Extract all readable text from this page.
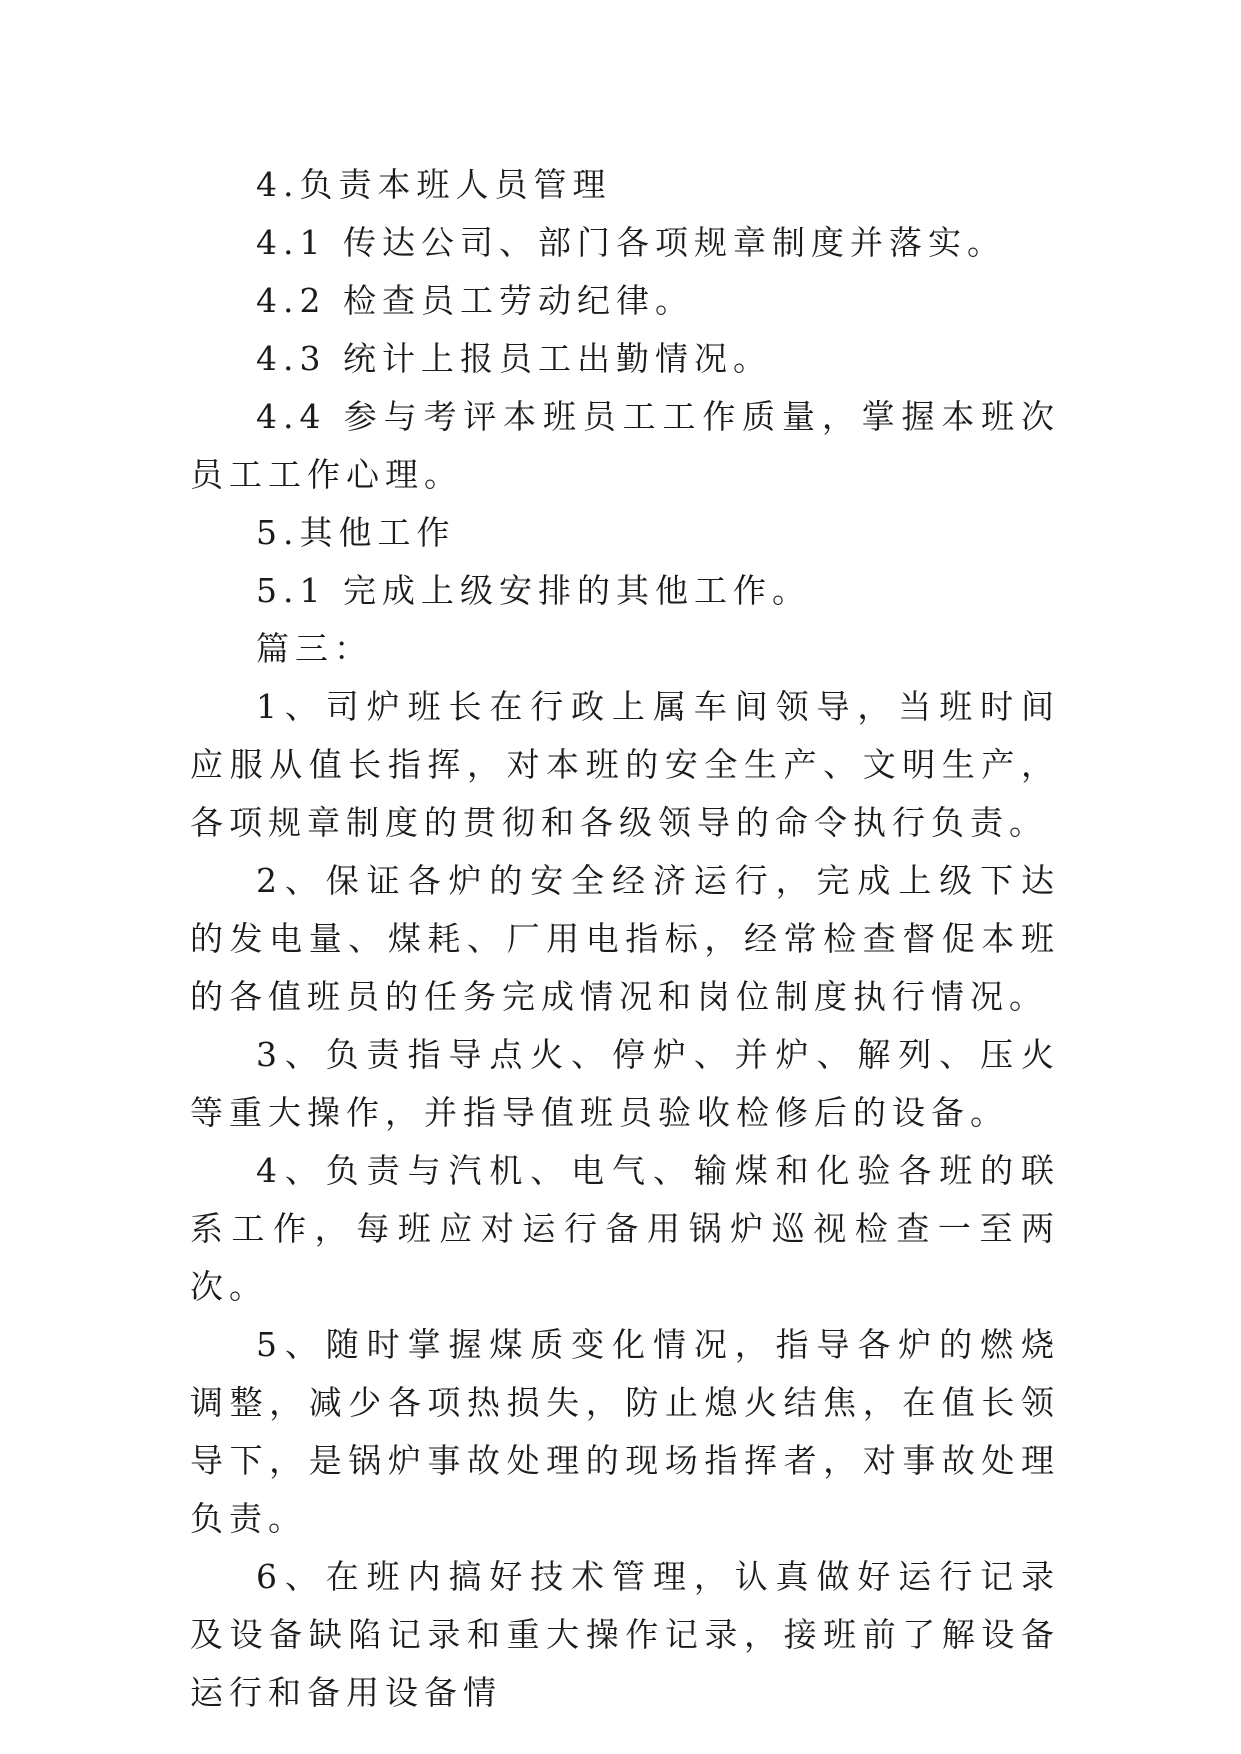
4.负责本班人员管理

4.1 传达公司、部门各项规章制度并落实。

4.2 检查员工劳动纪律。

4.3 统计上报员工出勤情况。

4.4 参与考评本班员工工作质量，掌握本班次员工工作心理。

5.其他工作

5.1 完成上级安排的其他工作。

篇三：

1、司炉班长在行政上属车间领导，当班时间应服从值长指挥，对本班的安全生产、文明生产，各项规章制度的贯彻和各级领导的命令执行负责。

2、保证各炉的安全经济运行，完成上级下达的发电量、煤耗、厂用电指标，经常检查督促本班的各值班员的任务完成情况和岗位制度执行情况。

3、负责指导点火、停炉、并炉、解列、压火等重大操作，并指导值班员验收检修后的设备。

4、负责与汽机、电气、输煤和化验各班的联系工作，每班应对运行备用锅炉巡视检查一至两次。

5、随时掌握煤质变化情况，指导各炉的燃烧调整，减少各项热损失，防止熄火结焦，在值长领导下，是锅炉事故处理的现场指挥者，对事故处理负责。

6、在班内搞好技术管理，认真做好运行记录及设备缺陷记录和重大操作记录，接班前了解设备运行和备用设备情
